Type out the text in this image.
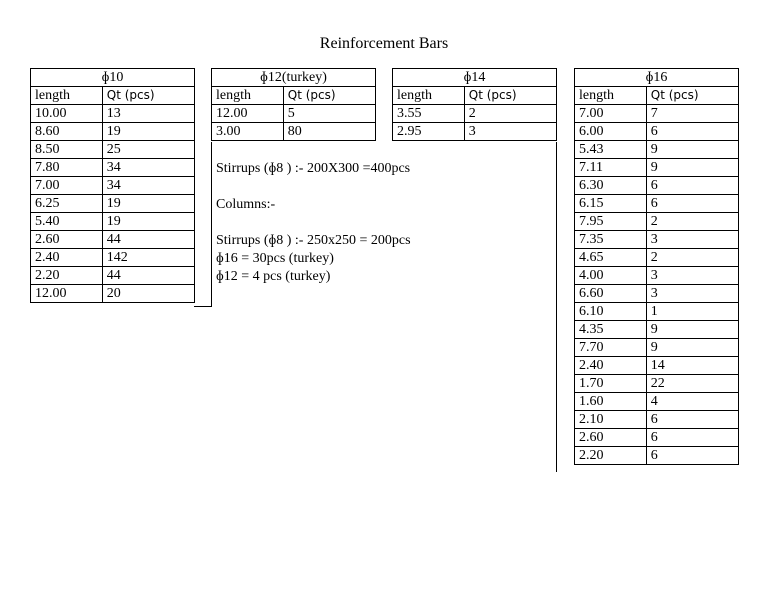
Reinforcement Bars
ɸ10	
length	Qt (pcs)
10.00	13
8.60	19
8.50	25
7.80	34
7.00	34
6.25	19
5.40	19
2.60	44
2.40	142
2.20	44
12.00	20
ɸ12(turkey)	
length	Qt (pcs)
12.00	5
3.00	80
ɸ14	
length	Qt (pcs)
3.55	2
2.95	3
ɸ16	
length	Qt (pcs)
7.00	7
6.00	6
5.43	9
7.11	9
6.30	6
6.15	6
7.95	2
7.35	3
4.65	2
4.00	3
6.60	3
6.10	1
4.35	9
7.70	9
2.40	14
1.70	22
1.60	4
2.10	6
2.60	6
2.20	6
Stirrups (ɸ8 ) :- 200X300 =400pcs
Columns:-
Stirrups (ɸ8 ) :- 250x250 = 200pcs
ɸ16 = 30pcs (turkey)
ɸ12 = 4 pcs (turkey)
